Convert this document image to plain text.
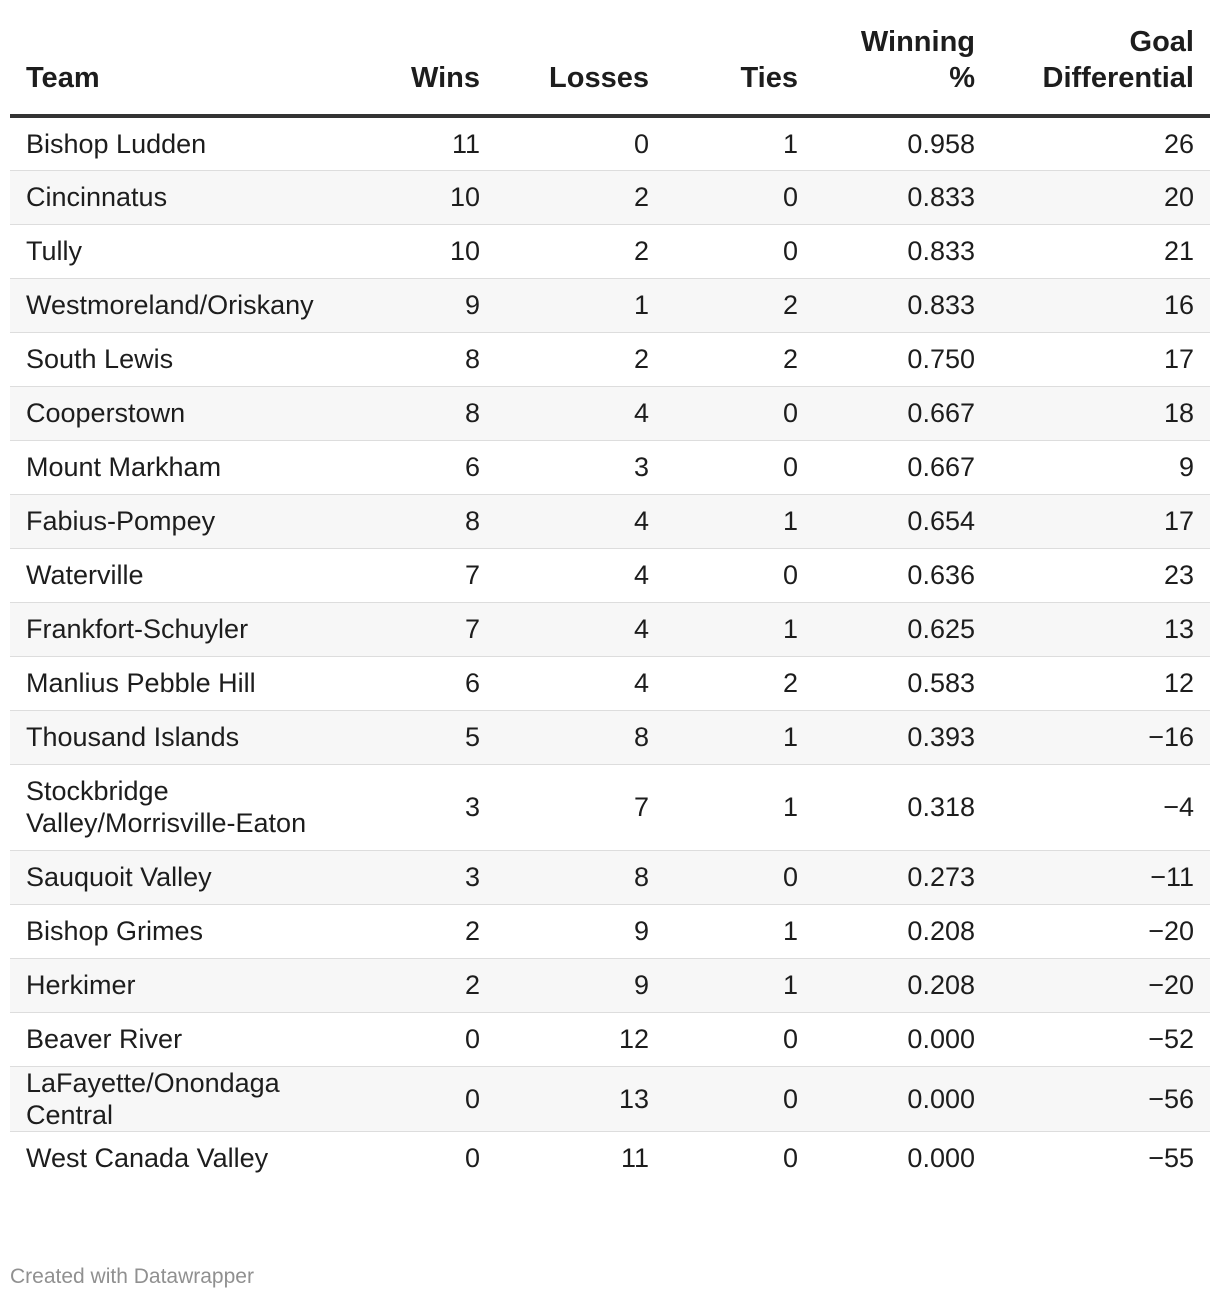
Team	Wins	Losses	Ties	Winning %	Goal Differential
Bishop Ludden	11	0	1	0.958	26
Cincinnatus	10	2	0	0.833	20
Tully	10	2	0	0.833	21
Westmoreland/Oriskany	9	1	2	0.833	16
South Lewis	8	2	2	0.750	17
Cooperstown	8	4	0	0.667	18
Mount Markham	6	3	0	0.667	9
Fabius-Pompey	8	4	1	0.654	17
Waterville	7	4	0	0.636	23
Frankfort-Schuyler	7	4	1	0.625	13
Manlius Pebble Hill	6	4	2	0.583	12
Thousand Islands	5	8	1	0.393	−16
Stockbridge Valley/Morrisville-Eaton	3	7	1	0.318	−4
Sauquoit Valley	3	8	0	0.273	−11
Bishop Grimes	2	9	1	0.208	−20
Herkimer	2	9	1	0.208	−20
Beaver River	0	12	0	0.000	−52
LaFayette/Onondaga Central	0	13	0	0.000	−56
West Canada Valley	0	11	0	0.000	−55
Created with Datawrapper
